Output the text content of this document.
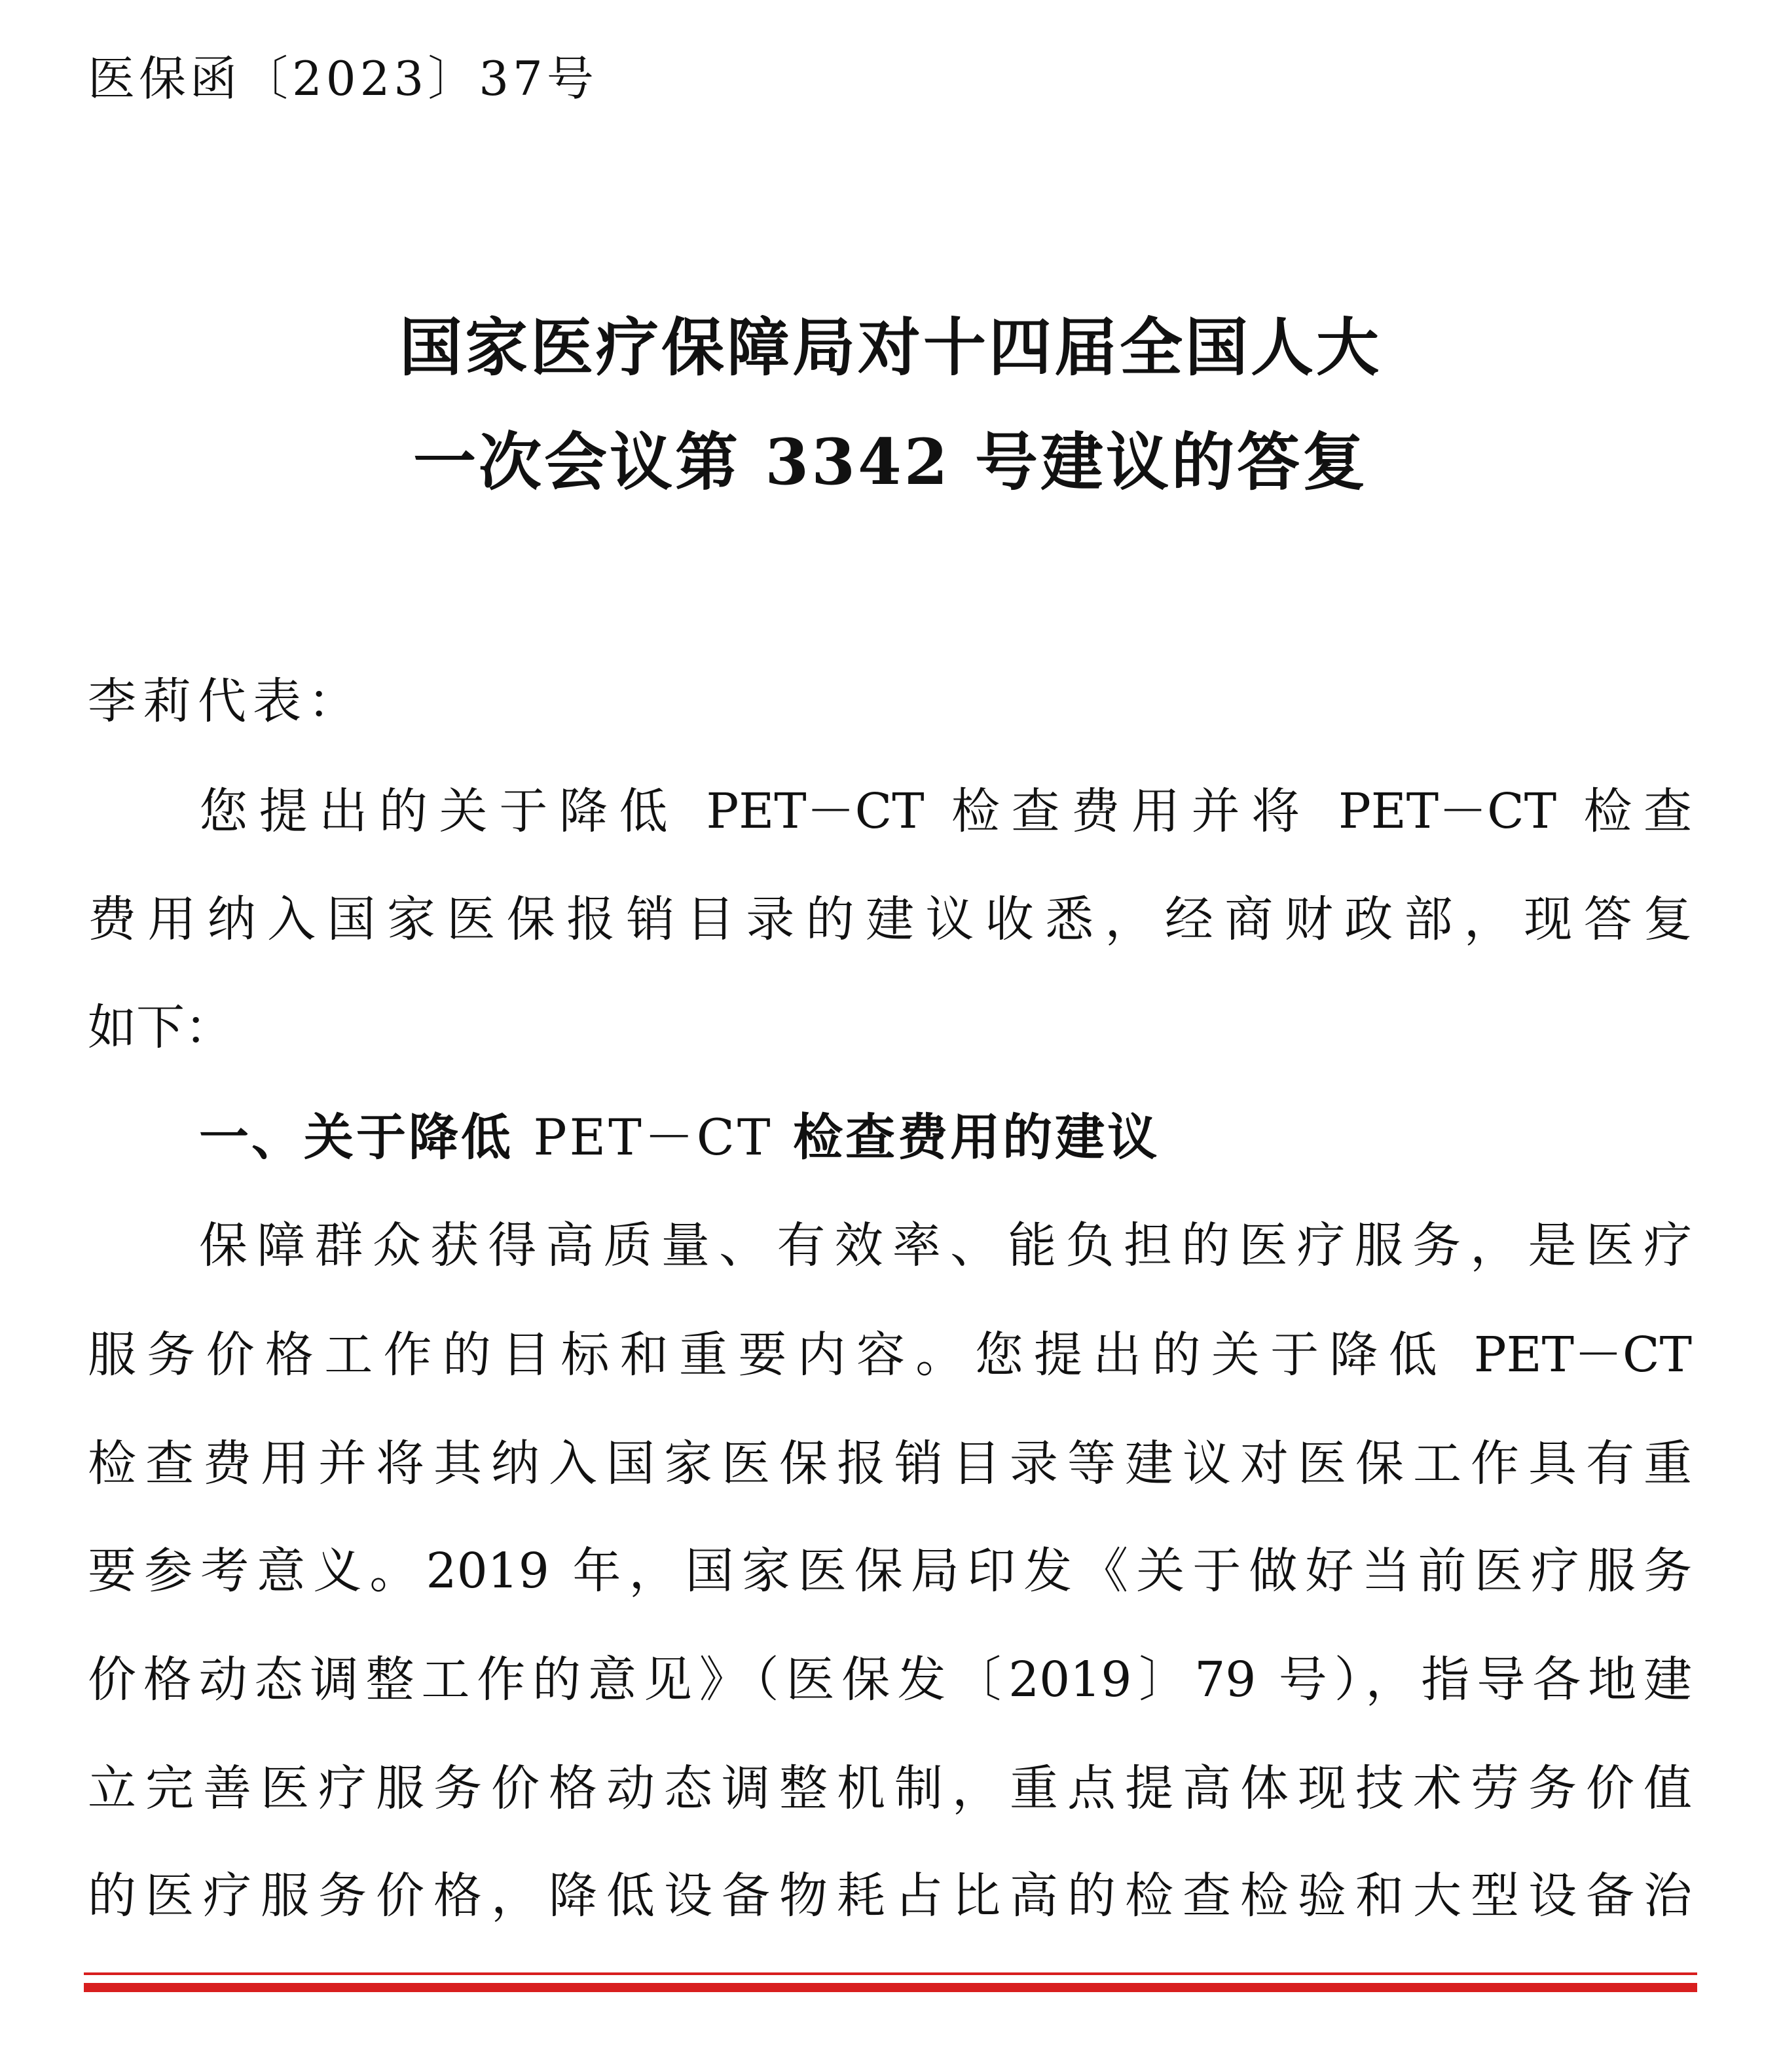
医保函〔2023〕37号
国家医疗保障局对十四届全国人大
一次会议第 3342 号建议的答复
李莉代表：
您提出的关于降低 PET－CT 检查费用并将 PET－CT 检查
费用纳入国家医保报销目录的建议收悉，经商财政部，现答复
如下：
一、关于降低 PET－CT 检查费用的建议
保障群众获得高质量、有效率、能负担的医疗服务，是医疗
服务价格工作的目标和重要内容。您提出的关于降低 PET－CT
检查费用并将其纳入国家医保报销目录等建议对医保工作具有重
要参考意义。2019 年，国家医保局印发《关于做好当前医疗服务
价格动态调整工作的意见》（医保发〔2019〕79 号），指导各地建
立完善医疗服务价格动态调整机制，重点提高体现技术劳务价值
的医疗服务价格，降低设备物耗占比高的检查检验和大型设备治
